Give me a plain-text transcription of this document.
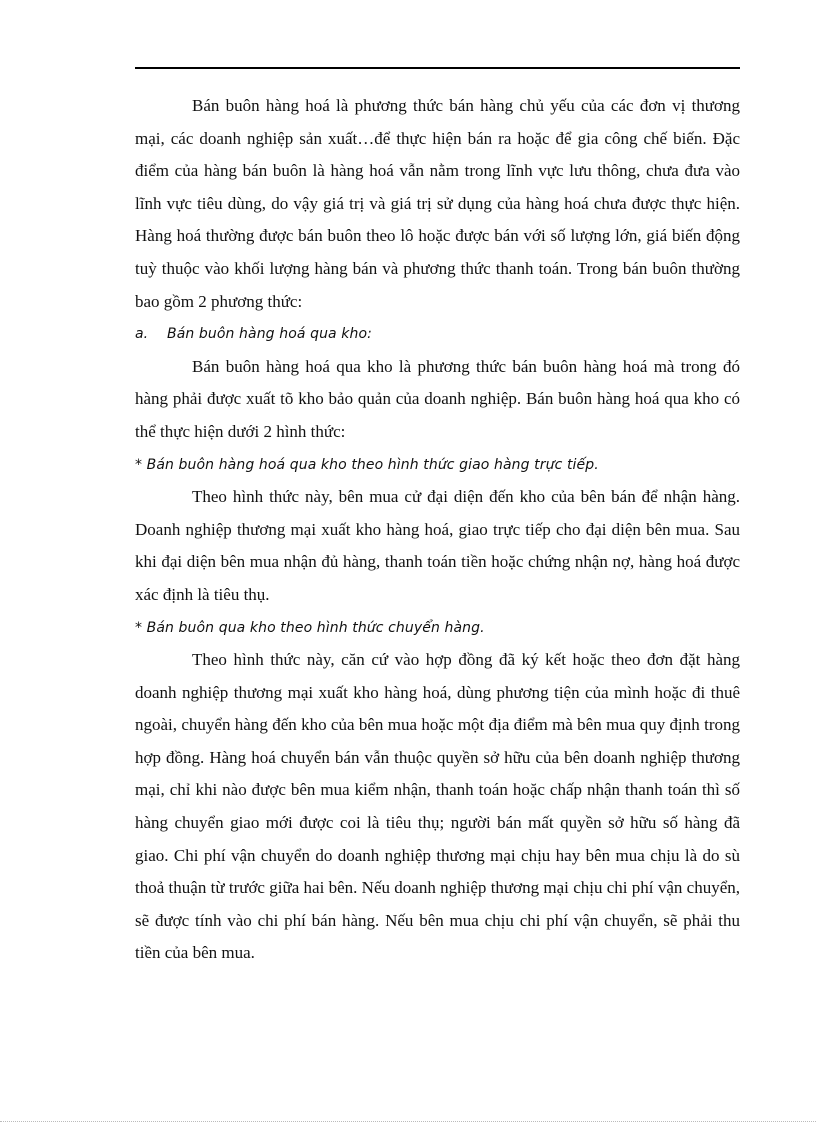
Bán buôn hàng hoá là phương thức bán hàng chủ yếu của các đơn vị thương mại, các doanh nghiệp sản xuất…để thực hiện bán ra hoặc để gia công chế biến. Đặc điểm của hàng bán buôn là hàng hoá vẫn nằm trong lĩnh vực lưu thông, chưa đưa vào lĩnh vực tiêu dùng, do vậy giá trị và giá trị sử dụng của hàng hoá chưa được thực hiện. Hàng hoá thường được bán buôn theo lô hoặc được bán với số lượng lớn, giá biến động tuỳ thuộc vào khối lượng hàng bán và phương thức thanh toán. Trong bán buôn thường bao gồm 2 phương thức:

a. Bán buôn hàng hoá qua kho:

Bán buôn hàng hoá qua kho là phương thức bán buôn hàng hoá mà trong đó hàng phải được xuất tõ kho bảo quản của doanh nghiệp. Bán buôn hàng hoá qua kho có thể thực hiện dưới 2 hình thức:

* Bán buôn hàng hoá qua kho theo hình thức giao hàng trực tiếp.

Theo hình thức này, bên mua cử đại diện đến kho của bên bán để nhận hàng. Doanh nghiệp thương mại xuất kho hàng hoá, giao trực tiếp cho đại diện bên mua. Sau khi đại diện bên mua nhận đủ hàng, thanh toán tiền hoặc chứng nhận nợ, hàng hoá được xác định là tiêu thụ.

* Bán buôn qua kho theo hình thức chuyển hàng.

Theo hình thức này, căn cứ vào hợp đồng đã ký kết hoặc theo đơn đặt hàng doanh nghiệp thương mại xuất kho hàng hoá, dùng phương tiện của mình hoặc đi thuê ngoài, chuyển hàng đến kho của bên mua hoặc một địa điểm mà bên mua quy định trong hợp đồng. Hàng hoá chuyển bán vẫn thuộc quyền sở hữu của bên doanh nghiệp thương mại, chỉ khi nào được bên mua kiểm nhận, thanh toán hoặc chấp nhận thanh toán thì số hàng chuyển giao mới được coi là tiêu thụ; người bán mất quyền sở hữu số hàng đã giao. Chi phí vận chuyển do doanh nghiệp thương mại chịu hay bên mua chịu là do sù thoả thuận từ trước giữa hai bên. Nếu doanh nghiệp thương mại chịu chi phí vận chuyển, sẽ được tính vào chi phí bán hàng. Nếu bên mua chịu chi phí vận chuyển, sẽ phải thu tiền của bên mua.
